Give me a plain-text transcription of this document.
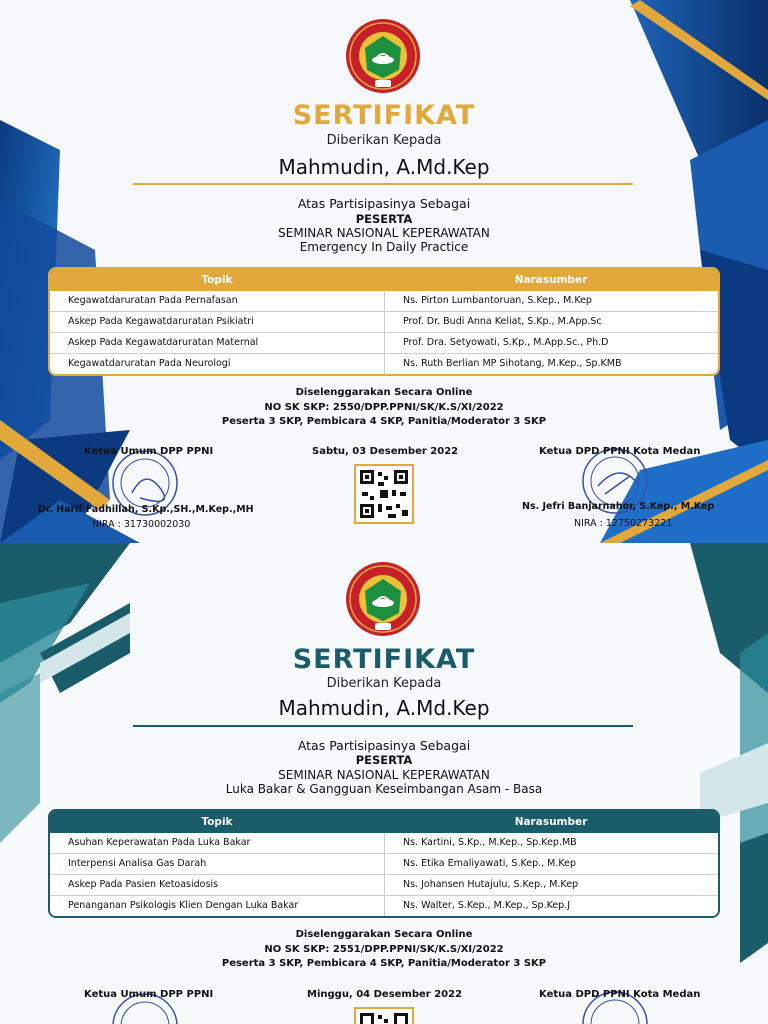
SERTIFIKAT
Diberikan Kepada
Mahmudin, A.Md.Kep
Atas Partisipasinya Sebagai
PESERTA
SEMINAR NASIONAL KEPERAWATAN
Emergency In Daily Practice
Topik	Narasumber
Kegawatdaruratan Pada Pernafasan	Ns. Pirton Lumbantoruan, S.Kep., M.Kep
Askep Pada Kegawatdaruratan Psikiatri	Prof. Dr. Budi Anna Keliat, S.Kp., M.App.Sc
Askep Pada Kegawatdaruratan Maternal	Prof. Dra. Setyowati, S.Kp., M.App.Sc., Ph.D
Kegawatdaruratan Pada Neurologi	Ns. Ruth Berlian MP Sihotang, M.Kep., Sp.KMB
Diselenggarakan Secara Online
NO SK SKP: 2550/DPP.PPNI/SK/K.S/XI/2022
Peserta 3 SKP, Pembicara 4 SKP, Panitia/Moderator 3 SKP
Ketua Umum DPP PPNI	Sabtu, 03 Desember 2022	Ketua DPD PPNI Kota Medan
Dr. Harif Fadhillah, S.Kp.,SH.,M.Kep.,MH
NIRA : 31730002030
Ns. Jefri Banjarnahor, S.Kep., M.Kep
NIRA : 12750273221
SERTIFIKAT
Diberikan Kepada
Mahmudin, A.Md.Kep
Atas Partisipasinya Sebagai
PESERTA
SEMINAR NASIONAL KEPERAWATAN
Luka Bakar & Gangguan Keseimbangan Asam - Basa
Topik	Narasumber
Asuhan Keperawatan Pada Luka Bakar	Ns. Kartini, S.Kp., M.Kep., Sp.Kep.MB
Interpensi Analisa Gas Darah	Ns. Etika Emaliyawati, S.Kep., M.Kep
Askep Pada Pasien Ketoasidosis	Ns. Johansen Hutajulu, S.Kep., M.Kep
Penanganan Psikologis Klien Dengan Luka Bakar	Ns. Walter, S.Kep., M.Kep., Sp.Kep.J
Diselenggarakan Secara Online
NO SK SKP: 2551/DPP.PPNI/SK/K.S/XI/2022
Peserta 3 SKP, Pembicara 4 SKP, Panitia/Moderator 3 SKP
Ketua Umum DPP PPNI	Minggu, 04 Desember 2022	Ketua DPD PPNI Kota Medan
